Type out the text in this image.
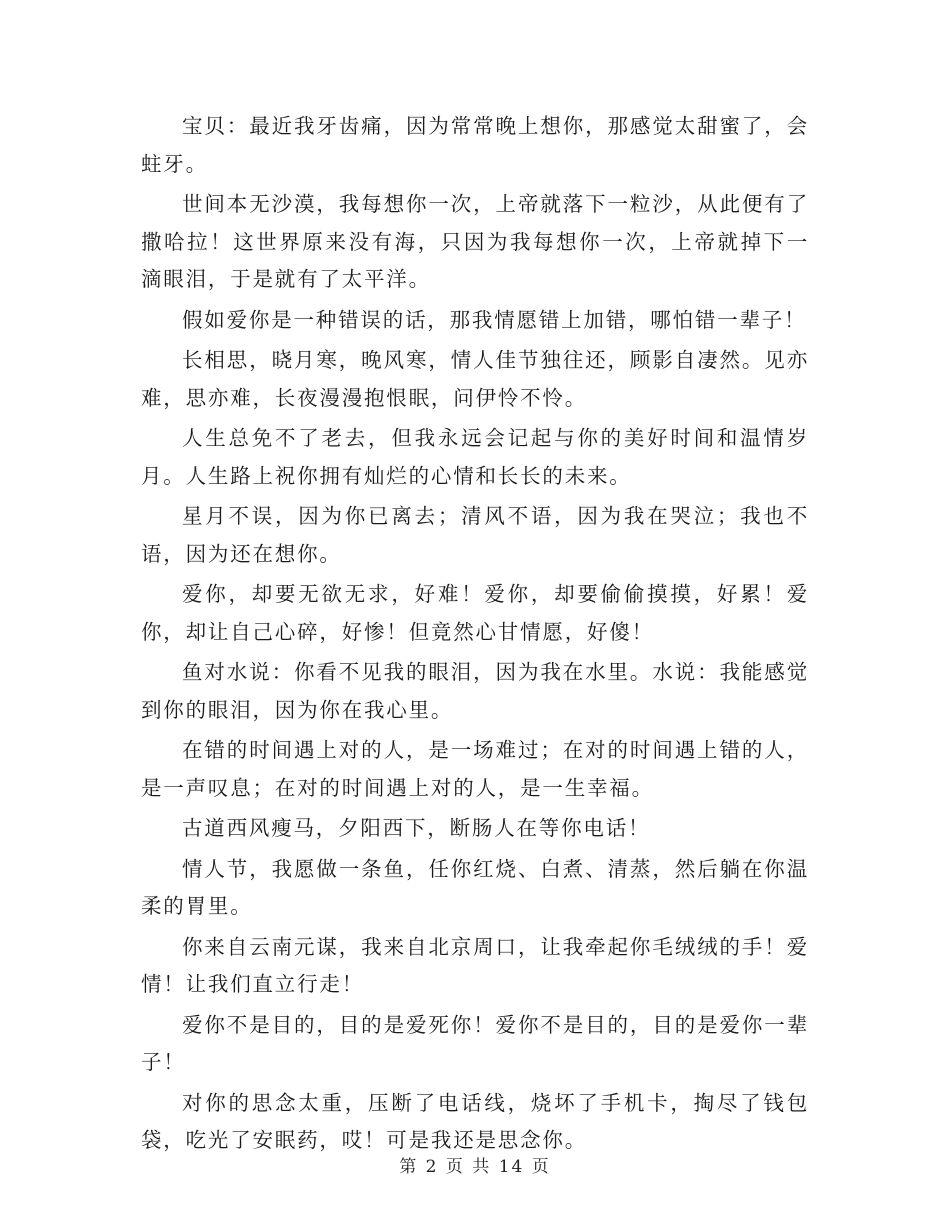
宝贝：最近我牙齿痛，因为常常晚上想你，那感觉太甜蜜了，会蛀牙。

世间本无沙漠，我每想你一次，上帝就落下一粒沙，从此便有了撒哈拉！这世界原来没有海，只因为我每想你一次，上帝就掉下一滴眼泪，于是就有了太平洋。

假如爱你是一种错误的话，那我情愿错上加错，哪怕错一辈子！

长相思，晓月寒，晚风寒，情人佳节独往还，顾影自凄然。见亦难，思亦难，长夜漫漫抱恨眠，问伊怜不怜。

人生总免不了老去，但我永远会记起与你的美好时间和温情岁月。人生路上祝你拥有灿烂的心情和长长的未来。

星月不误，因为你已离去；清风不语，因为我在哭泣；我也不语，因为还在想你。

爱你，却要无欲无求，好难！爱你，却要偷偷摸摸，好累！爱你，却让自己心碎，好惨！但竟然心甘情愿，好傻！

鱼对水说：你看不见我的眼泪，因为我在水里。水说：我能感觉到你的眼泪，因为你在我心里。

在错的时间遇上对的人，是一场难过；在对的时间遇上错的人，是一声叹息；在对的时间遇上对的人，是一生幸福。

古道西风瘦马，夕阳西下，断肠人在等你电话！

情人节，我愿做一条鱼，任你红烧、白煮、清蒸，然后躺在你温柔的胃里。

你来自云南元谋，我来自北京周口，让我牵起你毛绒绒的手！爱情！让我们直立行走！

爱你不是目的，目的是爱死你！爱你不是目的，目的是爱你一辈子！

对你的思念太重，压断了电话线，烧坏了手机卡，掏尽了钱包袋，吃光了安眠药，哎！可是我还是思念你。

第 2 页 共 14 页
